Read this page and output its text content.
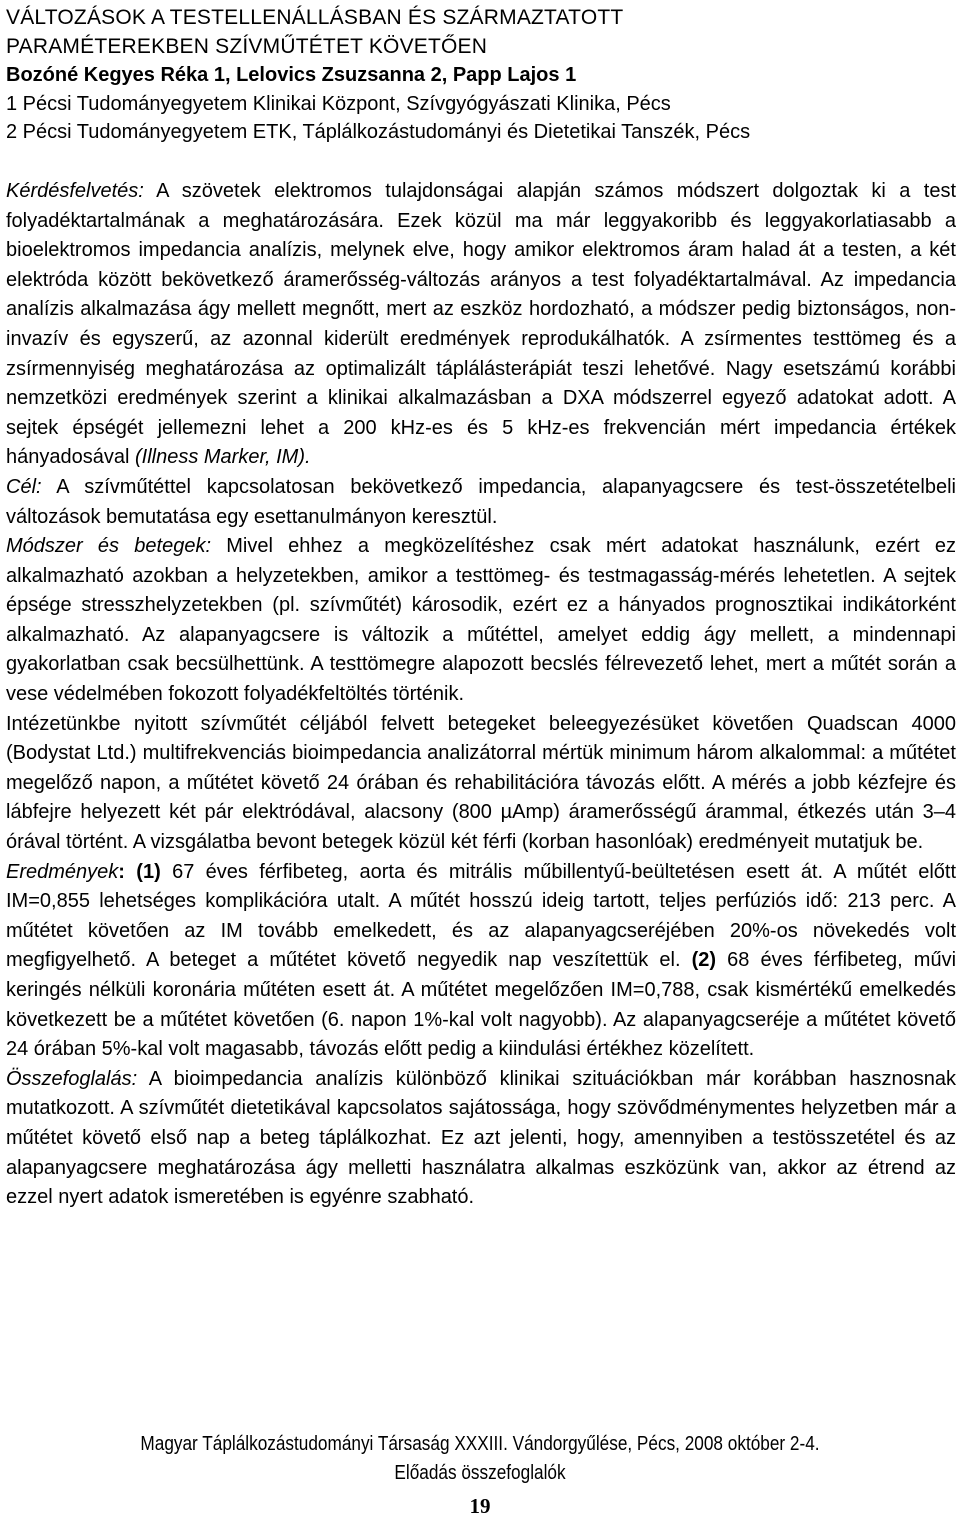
VÁLTOZÁSOK A TESTELLENÁLLÁSBAN ÉS SZÁRMAZTATOTT
PARAMÉTEREKBEN SZÍVMŰTÉTET KÖVETŐEN
Bozóné Kegyes Réka 1, Lelovics Zsuzsanna 2, Papp Lajos 1
1 Pécsi Tudományegyetem Klinikai Központ, Szívgyógyászati Klinika, Pécs
2 Pécsi Tudományegyetem ETK, Táplálkozástudományi és Dietetikai Tanszék, Pécs

Kérdésfelvetés: A szövetek elektromos tulajdonságai alapján számos módszert dolgoztak ki a test folyadéktartalmának a meghatározására. Ezek közül ma már leggyakoribb és leggyakorlatiasabb a bioelektromos impedancia analízis, melynek elve, hogy amikor elektromos áram halad át a testen, a két elektróda között bekövetkező áramerősség-változás arányos a test folyadéktartalmával. Az impedancia analízis alkalmazása ágy mellett megnőtt, mert az eszköz hordozható, a módszer pedig biztonságos, non-invazív és egyszerű, az azonnal kiderült eredmények reprodukálhatók. A zsírmentes testtömeg és a zsírmennyiség meghatározása az optimalizált táplálásterápiát teszi lehetővé. Nagy esetszámú korábbi nemzetközi eredmények szerint a klinikai alkalmazásban a DXA módszerrel egyező adatokat adott. A sejtek épségét jellemezni lehet a 200 kHz-es és 5 kHz-es frekvencián mért impedancia értékek hányadosával (Illness Marker, IM).

Cél: A szívműtéttel kapcsolatosan bekövetkező impedancia, alapanyagcsere és test-összetételbeli változások bemutatása egy esettanulmányon keresztül.

Módszer és betegek: Mivel ehhez a megközelítéshez csak mért adatokat használunk, ezért ez alkalmazható azokban a helyzetekben, amikor a testtömeg- és testmagasság-mérés lehetetlen. A sejtek épsége stresszhelyzetekben (pl. szívműtét) károsodik, ezért ez a hányados prognosztikai indikátorként alkalmazható. Az alapanyagcsere is változik a műtéttel, amelyet eddig ágy mellett, a mindennapi gyakorlatban csak becsülhettünk. A testtömegre alapozott becslés félrevezető lehet, mert a műtét során a vese védelmében fokozott folyadékfeltöltés történik.

Intézetünkbe nyitott szívműtét céljából felvett betegeket beleegyezésüket követően Quadscan 4000 (Bodystat Ltd.) multifrekvenciás bioimpedancia analizátorral mértük minimum három alkalommal: a műtétet megelőző napon, a műtétet követő 24 órában és rehabilitációra távozás előtt. A mérés a jobb kézfejre és lábfejre helyezett két pár elektródával, alacsony (800 µAmp) áramerősségű árammal, étkezés után 3–4 órával történt. A vizsgálatba bevont betegek közül két férfi (korban hasonlóak) eredményeit mutatjuk be.

Eredmények: (1) 67 éves férfibeteg, aorta és mitrális műbillentyű-beültetésen esett át. A műtét előtt IM=0,855 lehetséges komplikációra utalt. A műtét hosszú ideig tartott, teljes perfúziós idő: 213 perc. A műtétet követően az IM tovább emelkedett, és az alapanyagcseréjében 20%-os növekedés volt megfigyelhető. A beteget a műtétet követő negyedik nap veszítettük el. (2) 68 éves férfibeteg, művi keringés nélküli koronária műtéten esett át. A műtétet megelőzően IM=0,788, csak kismértékű emelkedés következett be a műtétet követően (6. napon 1%-kal volt nagyobb). Az alapanyagcseréje a műtétet követő 24 órában 5%-kal volt magasabb, távozás előtt pedig a kiindulási értékhez közelített.

Összefoglalás: A bioimpedancia analízis különböző klinikai szituációkban már korábban hasznosnak mutatkozott. A szívműtét dietetikával kapcsolatos sajátossága, hogy szövődménymentes helyzetben már a műtétet követő első nap a beteg táplálkozhat. Ez azt jelenti, hogy, amennyiben a testösszetétel és az alapanyagcsere meghatározása ágy melletti használatra alkalmas eszközünk van, akkor az étrend az ezzel nyert adatok ismeretében is egyénre szabható.

Magyar Táplálkozástudományi Társaság XXXIII. Vándorgyűlése, Pécs, 2008 október 2-4.
Előadás összefoglalók
19
